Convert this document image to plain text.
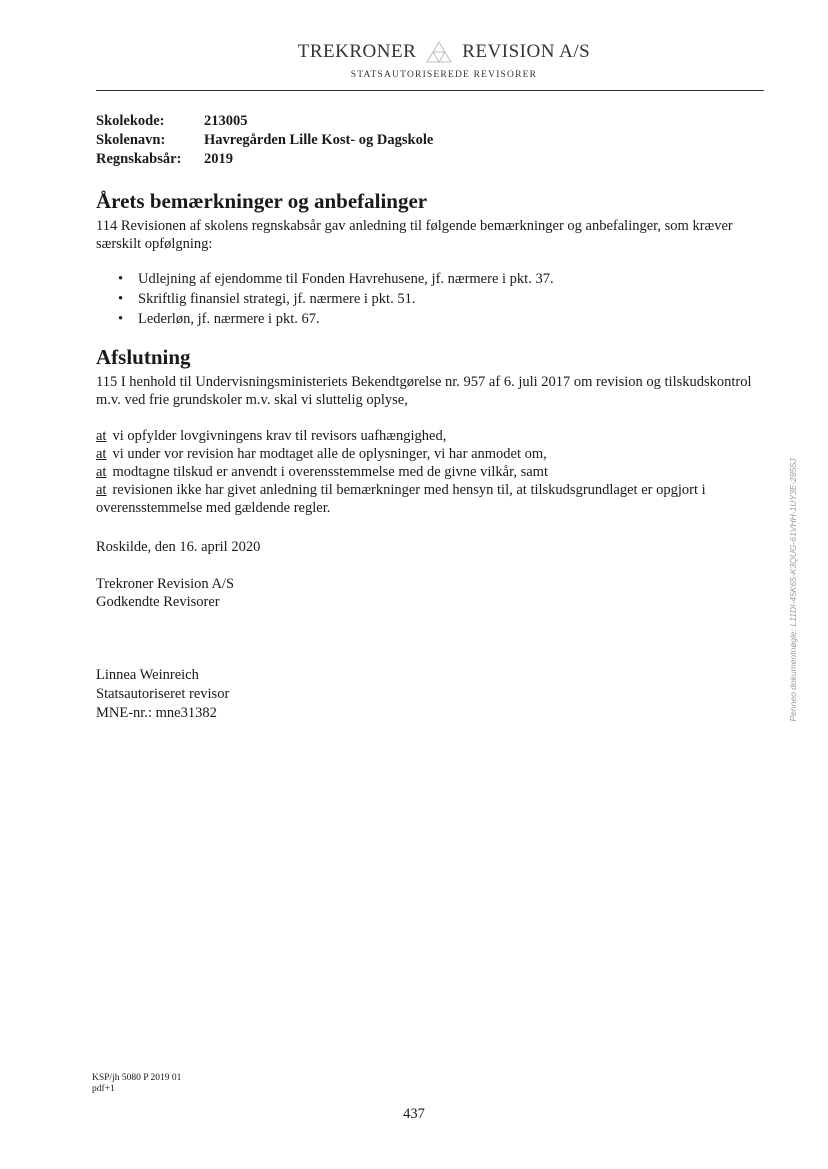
TREKRONER REVISION A/S
STATSAUTORISEREDE REVISORER
Skolekode:	213005
Skolenavn:	Havregården Lille Kost- og Dagskole
Regnskabsår: 2019
Årets bemærkninger og anbefalinger
114 Revisionen af skolens regnskabsår gav anledning til følgende bemærkninger og anbefalinger, som kræver særskilt opfølgning:
• Udlejning af ejendomme til Fonden Havrehusene, jf. nærmere i pkt. 37.
• Skriftlig finansiel strategi, jf. nærmere i pkt. 51.
• Lederløn, jf. nærmere i pkt. 67.
Afslutning
115 I henhold til Undervisningsministeriets Bekendtgørelse nr. 957 af 6. juli 2017 om revision og tilskudskontrol m.v. ved frie grundskoler m.v. skal vi sluttelig oplyse,
at vi opfylder lovgivningens krav til revisors uafhængighed,
at vi under vor revision har modtaget alle de oplysninger, vi har anmodet om,
at modtagne tilskud er anvendt i overensstemmelse med de givne vilkår, samt
at revisionen ikke har givet anledning til bemærkninger med hensyn til, at tilskudsgrundlaget er opgjort i overensstemmelse med gældende regler.
Roskilde, den 16. april 2020
Trekroner Revision A/S
Godkendte Revisorer
Linnea Weinreich
Statsautoriseret revisor
MNE-nr.: mne31382
KSP/jh 5080 P 2019 01
pdf+1
437
Penneo dokumentnøgle: L11DI-45K65-K3QUG-61VHH-1UY3E-2855J
